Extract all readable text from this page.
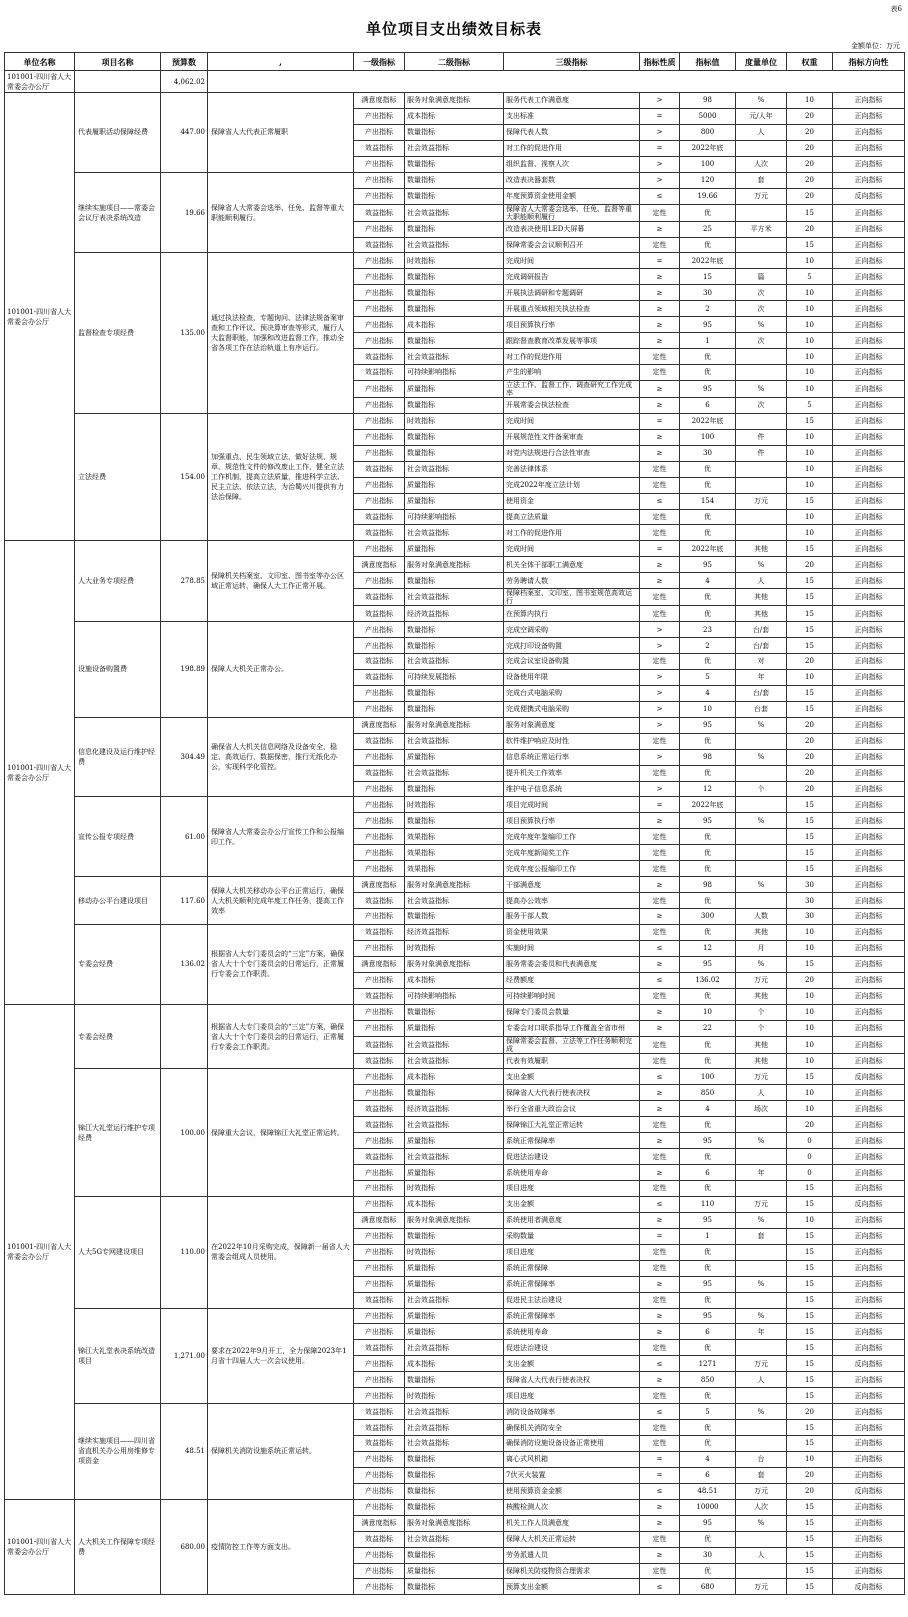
表6
单位项目支出绩效目标表
金额单位：万元
单位名称	项目名称	预算数	,	一级指标	二级指标	三级指标	指标性质	指标值	度量单位	权重	指标方向性
101001-四川省人大常委会办公厅		4,062.02									
101001-四川省人大常委会办公厅	代表履职活动保障经费	447.00	保障省人大代表正常履职	满意度指标	服务对象满意度指标	服务代表工作满意度	>	98	%	10	正向指标
				产出指标	成本指标	支出标准	=	5000	元/人年	20	正向指标
				产出指标	数量指标	保障代表人数	>	800	人	20	正向指标
				效益指标	社会效益指标	对工作的促进作用	=	2022年底		20	正向指标
				产出指标	数量指标	组织监督、视察人次	>	100	人次	20	正向指标
	继续实施项目——常委会会议厅表决系统改造	19.66	保障省人大常委会选举、任免、监督等重大职能顺利履行。	产出指标	数量指标	改造表决器套数	>	120	套	20	正向指标
				产出指标	数量指标	年度预算资金使用金额	≤	19.66	万元	20	反向指标
				效益指标	社会效益指标	保障省人大常委会选举、任免、监督等重大职能顺利履行	定性	优		15	正向指标
				产出指标	数量指标	改造表决使用LED大屏幕	≥	25	平方米	20	正向指标
				效益指标	社会效益指标	保障常委会会议顺利召开	定性	优		15	正向指标
	监督检查专项经费	135.00	通过执法检查、专题询问、法律法规备案审查和工作评议、预决算审查等形式，履行人大监督职能，加强和改进监督工作，推动全省各项工作在法治轨道上有序运行。	产出指标	时效指标	完成时间	=	2022年底		10	正向指标
				产出指标	数量指标	完成调研报告	≥	15	篇	5	正向指标
				产出指标	数量指标	开展执法调研和专题调研	≥	30	次	10	正向指标
				产出指标	数量指标	开展重点领域相关执法检查	≥	2	次	10	正向指标
				产出指标	成本指标	项目预算执行率	≥	95	%	10	正向指标
				产出指标	数量指标	跟踪督查教育改革发展等事项	≥	1	次	10	正向指标
				效益指标	社会效益指标	对工作的促进作用	定性	优		10	正向指标
				效益指标	可持续影响指标	产生的影响	定性	优		10	正向指标
				产出指标	质量指标	立法工作、监督工作、调查研究工作完成率	≥	95	%	10	正向指标
				产出指标	数量指标	开展常委会执法检查	≥	6	次	5	正向指标
	立法经费	154.00	加强重点、民生领域立法，做好法规、规章、规范性文件的修改废止工作，健全立法工作机制，提高立法质量，推进科学立法、民主立法、依法立法，为治蜀兴川提供有力法治保障。	产出指标	时效指标	完成时间	=	2022年底		15	正向指标
				产出指标	数量指标	开展规范性文件备案审查	≥	100	件	10	正向指标
				产出指标	数量指标	对党内法规进行合法性审查	≥	30	件	10	正向指标
				效益指标	社会效益指标	完善法律体系	定性	优		10	正向指标
				产出指标	质量指标	完成2022年度立法计划	定性	优		10	正向指标
				产出指标	质量指标	使用资金	≤	154	万元	15	正向指标
				效益指标	可持续影响指标	提高立法质量	定性	优		10	正向指标
				效益指标	社会效益指标	对工作的促进作用	定性	优		10	正向指标
101001-四川省人大常委会办公厅	人大业务专项经费	278.85	保障机关档案室、文印室、图书室等办公区域正常运转，确保人大工作正常开展。	产出指标	质量指标	完成时间	=	2022年底	其他	15	正向指标
				满意度指标	服务对象满意度指标	机关全体干部职工满意度	≥	95	%	20	正向指标
				产出指标	数量指标	劳务聘请人数	≥	4	人	15	正向指标
				效益指标	社会效益指标	保障档案室、文印室、图书室规范高效运行	定性	优	其他	15	正向指标
				效益指标	经济效益指标	在预算内执行	定性	优	其他	15	正向指标
	设施设备购置费	198.89	保障人大机关正常办公。	产出指标	数量指标	完成空调采购	>	23	台/套	15	正向指标
				产出指标	数量指标	完成打印设备购置	>	2	台/套	15	正向指标
				效益指标	社会效益指标	完成会议室设备购置	定性	优	对	20	正向指标
				效益指标	可持续发展指标	设备使用年限	>	5	年	10	正向指标
				产出指标	数量指标	完成台式电脑采购	>	4	台/套	15	正向指标
				产出指标	数量指标	完成便携式电脑采购	>	10	台套	15	正向指标
	信息化建设及运行维护经费	304.49	确保省人大机关信息网络及设备安全、稳定、高效运行，数据保密，推行无纸化办公，实现科学化管控。	满意度指标	服务对象满意度指标	服务对象满意度	>	95	%	20	正向指标
				效益指标	社会效益指标	软件维护响应及时性	定性	优		20	正向指标
				产出指标	质量指标	信息系统正常运行率	>	98	%	20	正向指标
				效益指标	社会效益指标	提升机关工作效率	定性	优		20	正向指标
				产出指标	数量指标	维护电子信息系统	>	12	个	20	正向指标
	宣传公报专项经费	61.00	保障省人大常委会办公厅宣传工作和公报编印工作。	产出指标	时效指标	项目完成时间	=	2022年底		15	正向指标
				产出指标	数量指标	项目预算执行率	≥	95	%	15	正向指标
				产出指标	效果指标	完成年度年鉴编印工作	定性	优		15	正向指标
				产出指标	效果指标	完成年度新闻奖工作	定性	优		15	正向指标
				产出指标	效果指标	完成年度公报编印工作	定性	优		15	正向指标
	移动办公平台建设项目	117.60	保障人大机关移动办公平台正常运行，确保人大机关顺利完成年度工作任务，提高工作效率	满意度指标	服务对象满意度指标	干部满意度	≥	98	%	30	正向指标
				效益指标	社会效益指标	提高办公效率	定性	优		30	正向指标
				产出指标	数量指标	服务干部人数	≥	300	人数	30	正向指标
	专委会经费	136.02	根据省人大专门委员会的“三定”方案，确保省人大十个专门委员会的日常运行，正常履行专委会工作职责。	效益指标	经济效益指标	资金使用效果	定性	优	其他	10	正向指标
				产出指标	时效指标	实施时间	≤	12	月	10	正向指标
				满意度指标	服务对象满意度指标	服务常委会委员和代表满意度	≥	95	%	15	正向指标
				产出指标	成本指标	经费额度	≤	136.02	万元	20	正向指标
				效益指标	可持续影响指标	可持续影响时间	定性	优	其他	10	正向指标
101001-四川省人大常委会办公厅	专委会经费		根据省人大专门委员会的“三定”方案，确保省人大十个专门委员会的日常运行，正常履行专委会工作职责。	产出指标	数量指标	保障专门委员会数量	≥	10	个	10	正向指标
				产出指标	质量指标	专委会对口联系指导工作覆盖全省市州	≥	22	个	10	正向指标
				效益指标	社会效益指标	保障常委会监督、立法等工作任务顺利完成	定性	优	其他	10	正向指标
				效益指标	社会效益指标	代表有效履职	定性	优	其他	10	正向指标
	锦江大礼堂运行维护专项经费	100.00	保障重大会议，保障锦江大礼堂正常运转。	产出指标	成本指标	支出金额	≤	100	万元	15	反向指标
				产出指标	数量指标	保障省人大代表行使表决权	≥	850	人	10	正向指标
				效益指标	经济效益指标	举行全省重大政治会议	≥	4	场次	10	正向指标
				效益指标	社会效益指标	保障锦江大礼堂正常运转	定性	优		20	正向指标
				产出指标	质量指标	系统正常保障率	≥	95	%	0	正向指标
				效益指标	社会效益指标	促进法治建设	定性	优		0	正向指标
				产出指标	质量指标	系统使用寿命	≥	6	年	0	正向指标
				产出指标	时效指标	项目进度	定性	优		15	正向指标
	人大5G专网建设项目	110.00	在2022年10月采购完成，保障新一届省人大常委会组成人员使用。	产出指标	成本指标	支出金额	≤	110	万元	15	反向指标
				满意度指标	服务对象满意度指标	系统使用者满意度	≥	95	%	10	正向指标
				产出指标	数量指标	采购数量	=	1	套	15	正向指标
				产出指标	时效指标	项目进度	定性	优		15	正向指标
				产出指标	质量指标	系统正常保障	定性	优		15	正向指标
				产出指标	质量指标	系统正常保障率	≥	95	%	15	正向指标
				效益指标	社会效益指标	促进民主法治建设	定性	优		15	正向指标
	锦江大礼堂表决系统改造项目	1,271.00	要求在2022年9月开工，全力保障2023年1月省十四届人大一次会议使用。	产出指标	质量指标	系统正常保障率	≥	95	%	15	正向指标
				产出指标	质量指标	系统使用寿命	≥	6	年	15	正向指标
				效益指标	社会效益指标	促进法治建设	定性	优		15	正向指标
				产出指标	成本指标	支出金额	≤	1271	万元	15	反向指标
				产出指标	数量指标	保障省人大代表行使表决权	≥	850	人	15	正向指标
				产出指标	时效指标	项目进度	定性	优		15	正向指标
	继续实施项目——四川省省直机关办公用房维修专项资金	48.51	保障机关消防设施系统正常运转。	效益指标	社会效益指标	消防设备故障率	≤	5	%	20	正向指标
				效益指标	社会效益指标	确保机关消防安全	定性	优		15	正向指标
				效益指标	社会效益指标	确保消防设施设备设备正常使用	定性	优		15	正向指标
				产出指标	数量指标	离心式风机箱	=	4	台	10	正向指标
				产出指标	数量指标	7伏灭火装置	=	6	套	20	正向指标
				产出指标	数量指标	使用预算资金金额	≤	48.51	万元	20	反向指标
101001-四川省人大常委会办公厅	人大机关工作保障专项经费	680.00	疫情防控工作等方面支出。	产出指标	数量指标	核酸检测人次	≥	10000	人次	15	正向指标
				满意度指标	服务对象满意度指标	机关工作人员满意度	≥	95	%	15	正向指标
				效益指标	社会效益指标	保障人大机关正常运转	定性	优		15	正向指标
				产出指标	数量指标	劳务派遣人员	≥	30	人	15	正向指标
				产出指标	质量指标	保障机关防疫物资合理需求	定性	优		15	正向指标
				产出指标	数量指标	预算支出金额	≤	680	万元	15	反向指标
